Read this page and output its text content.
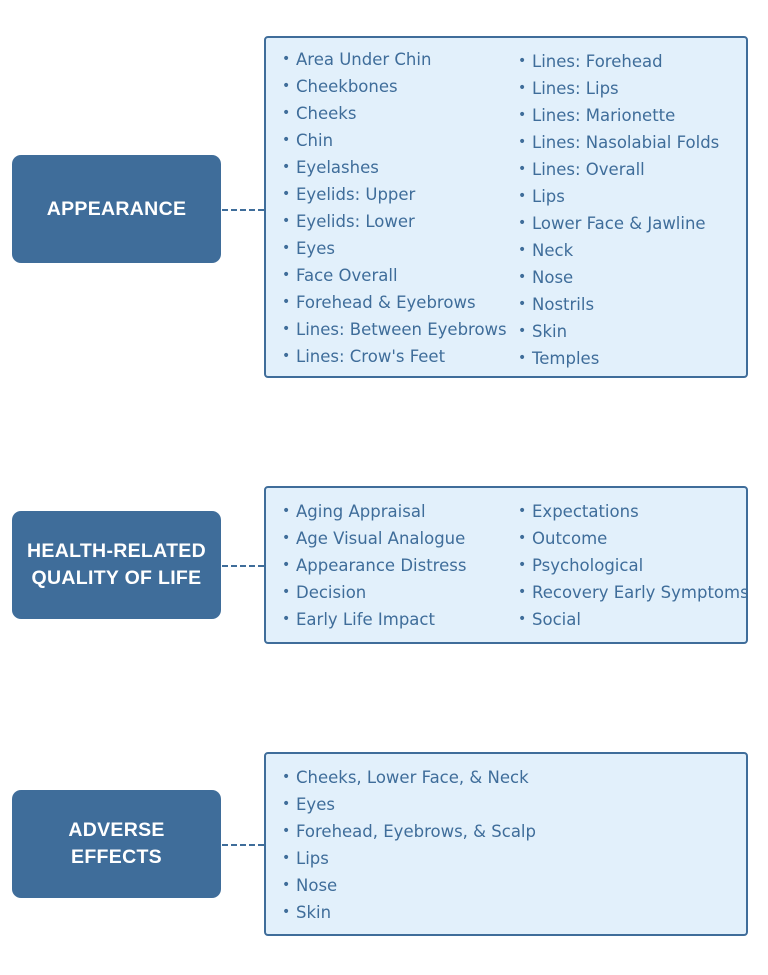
APPEARANCE
• Area Under Chin
• Cheekbones
• Cheeks
• Chin
• Eyelashes
• Eyelids: Upper
• Eyelids: Lower
• Eyes
• Face Overall
• Forehead & Eyebrows
• Lines: Between Eyebrows
• Lines: Crow's Feet
• Lines: Forehead
• Lines: Lips
• Lines: Marionette
• Lines: Nasolabial Folds
• Lines: Overall
• Lips
• Lower Face & Jawline
• Neck
• Nose
• Nostrils
• Skin
• Temples
HEALTH-RELATED
QUALITY OF LIFE
• Aging Appraisal
• Age Visual Analogue
• Appearance Distress
• Decision
• Early Life Impact
• Expectations
• Outcome
• Psychological
• Recovery Early Symptoms
• Social
ADVERSE
EFFECTS
• Cheeks, Lower Face, & Neck
• Eyes
• Forehead, Eyebrows, & Scalp
• Lips
• Nose
• Skin
